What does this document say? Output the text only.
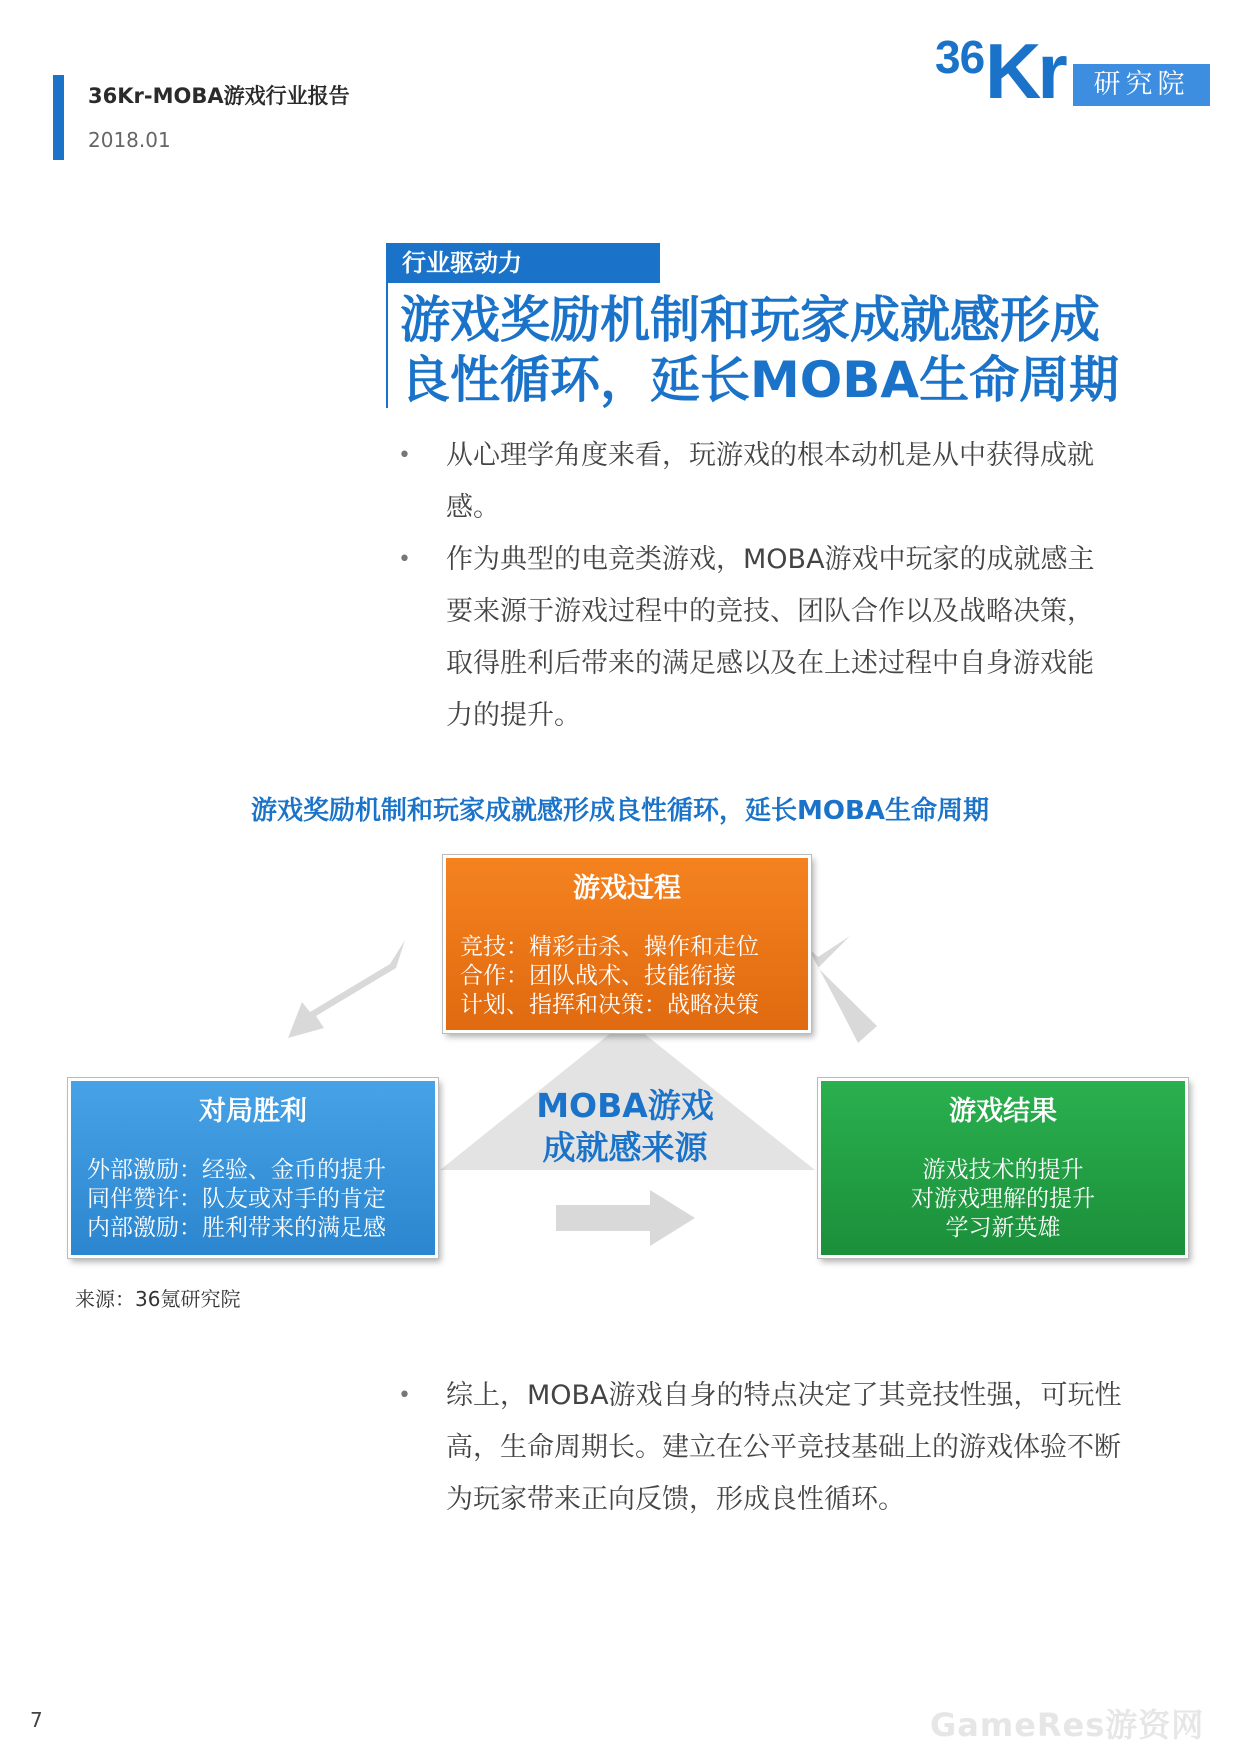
36Kr-MOBA游戏行业报告
2018.01
36 Kr	研究院
行业驱动力
游戏奖励机制和玩家成就感形成
良性循环，延长MOBA生命周期
• 从心理学角度来看，玩游戏的根本动机是从中获得成就感。
• 作为典型的电竞类游戏，MOBA游戏中玩家的成就感主要来源于游戏过程中的竞技、团队合作以及战略决策，取得胜利后带来的满足感以及在上述过程中自身游戏能力的提升。
游戏奖励机制和玩家成就感形成良性循环，延长MOBA生命周期
游戏过程
竞技：精彩击杀、操作和走位
合作：团队战术、技能衔接
计划、指挥和决策：战略决策
对局胜利
外部激励：经验、金币的提升
同伴赞许：队友或对手的肯定
内部激励：胜利带来的满足感
游戏结果
游戏技术的提升
对游戏理解的提升
学习新英雄
MOBA游戏
成就感来源
来源：36氪研究院
• 综上，MOBA游戏自身的特点决定了其竞技性强，可玩性高，生命周期长。建立在公平竞技基础上的游戏体验不断为玩家带来正向反馈，形成良性循环。
7	GameRes游资网
